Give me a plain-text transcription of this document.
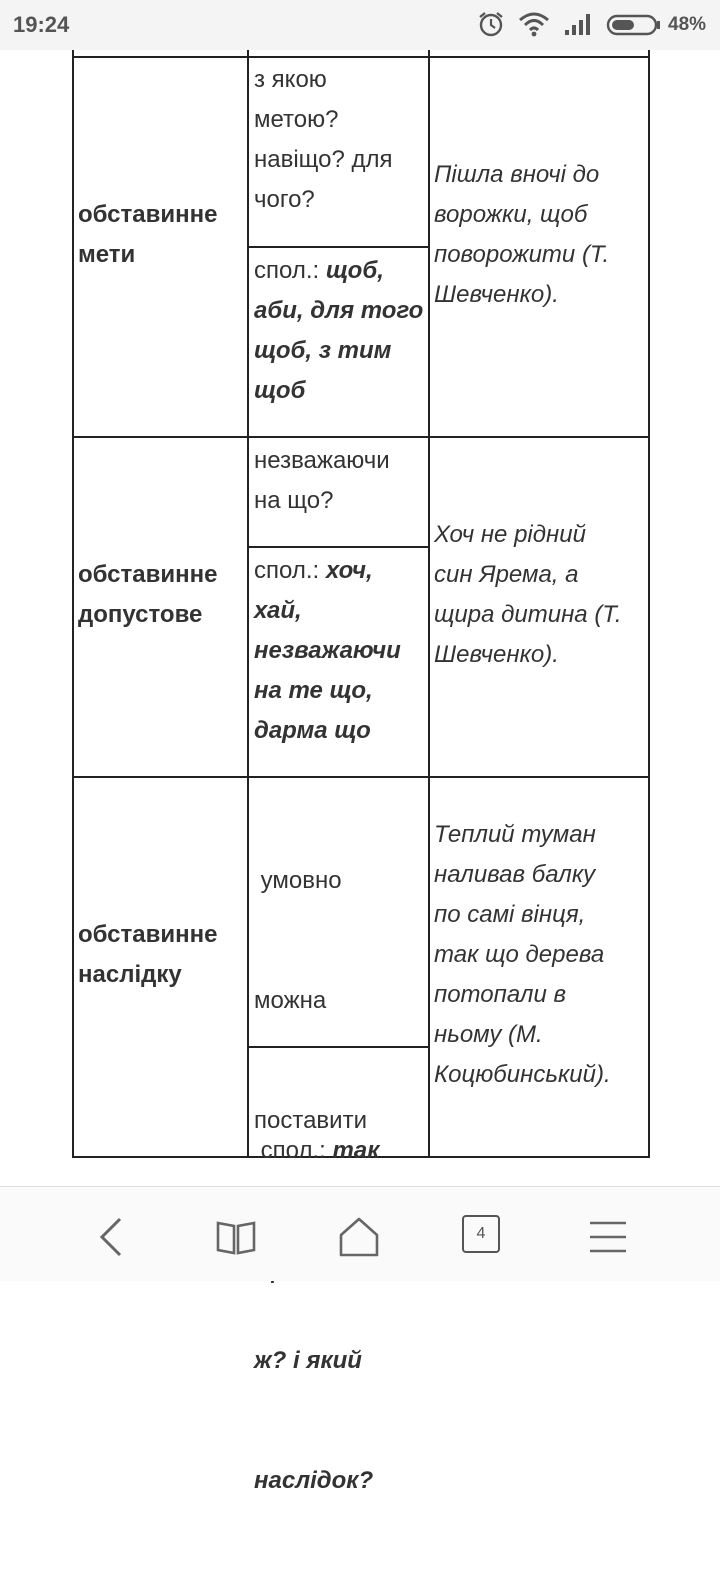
19:24	48%
обставинне
мети
з якою
метою?
навіщо? для
чого?
спол.: щоб,
аби, для того
щоб, з тим
щоб
Пішла вночі до
ворожки, щоб
поворожити (Т.
Шевченко).
обставинне
допустове
незважаючи
на що?
спол.: хоч,
хай,
незважаючи
на те що,
дарма що
Хоч не рідний
син Ярема, а
щира дитина (Т.
Шевченко).
обставинне
наслідку

умовно

можна

поставити

ж? і який

наслідок?

спол.: так

Теплий туман
наливав балку
по самі вінця,
так що дерева
потопали в
ньому (М.
Коцюбинський).
4
